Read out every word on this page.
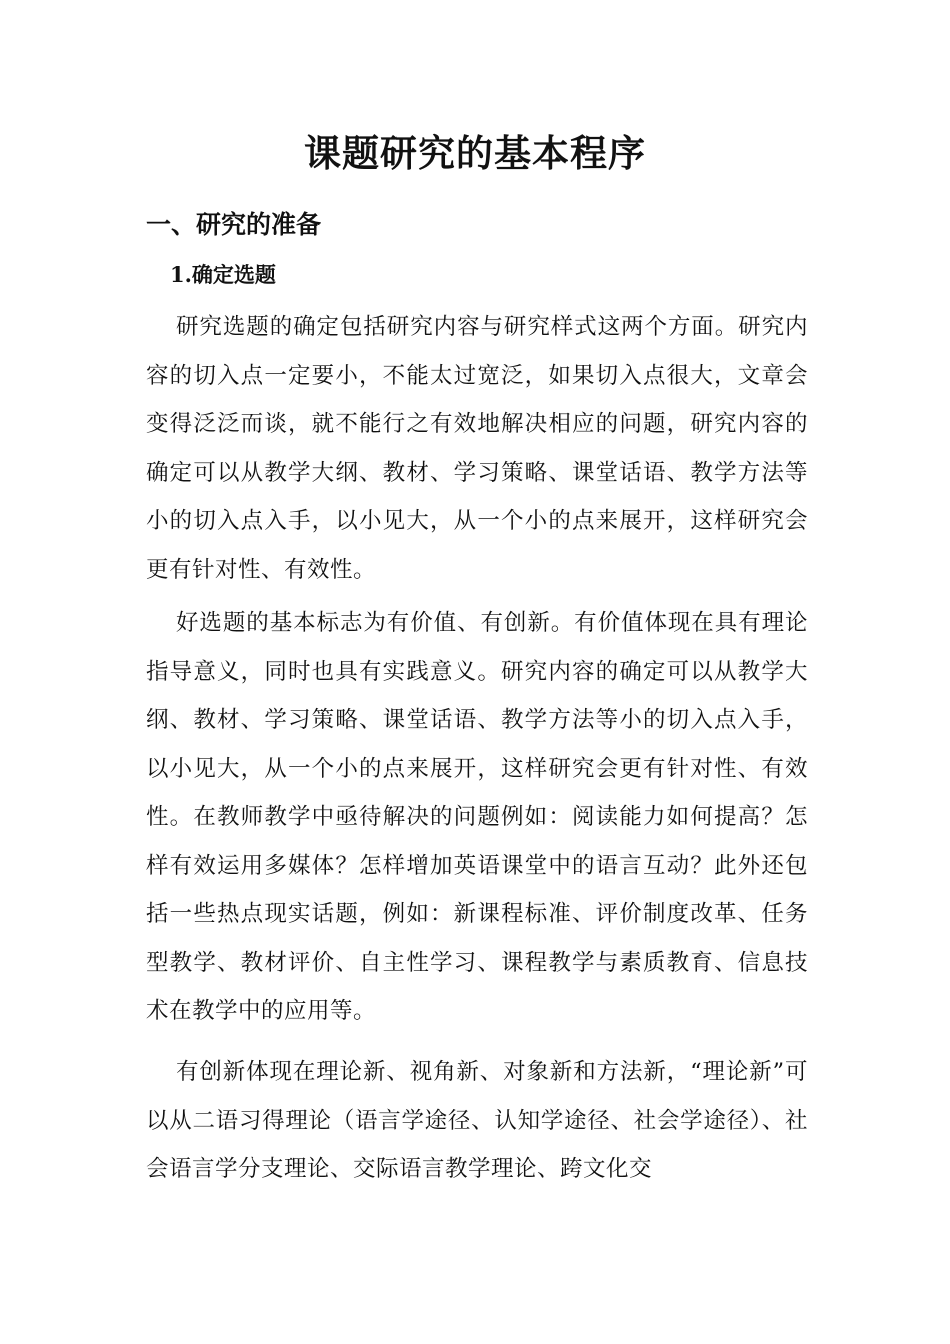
课题研究的基本程序
一、研究的准备
1.确定选题

研究选题的确定包括研究内容与研究样式这两个方面。研究内容的切入点一定要小，不能太过宽泛，如果切入点很大，文章会变得泛泛而谈，就不能行之有效地解决相应的问题，研究内容的确定可以从教学大纲、教材、学习策略、课堂话语、教学方法等小的切入点入手，以小见大，从一个小的点来展开，这样研究会更有针对性、有效性。

好选题的基本标志为有价值、有创新。有价值体现在具有理论指导意义，同时也具有实践意义。研究内容的确定可以从教学大纲、教材、学习策略、课堂话语、教学方法等小的切入点入手，以小见大，从一个小的点来展开，这样研究会更有针对性、有效性。在教师教学中亟待解决的问题例如：阅读能力如何提高？怎样有效运用多媒体？怎样增加英语课堂中的语言互动？此外还包括一些热点现实话题，例如：新课程标准、评价制度改革、任务型教学、教材评价、自主性学习、课程教学与素质教育、信息技术在教学中的应用等。

有创新体现在理论新、视角新、对象新和方法新，“理论新”可以从二语习得理论（语言学途径、认知学途径、社会学途径）、社会语言学分支理论、交际语言教学理论、跨文化交
